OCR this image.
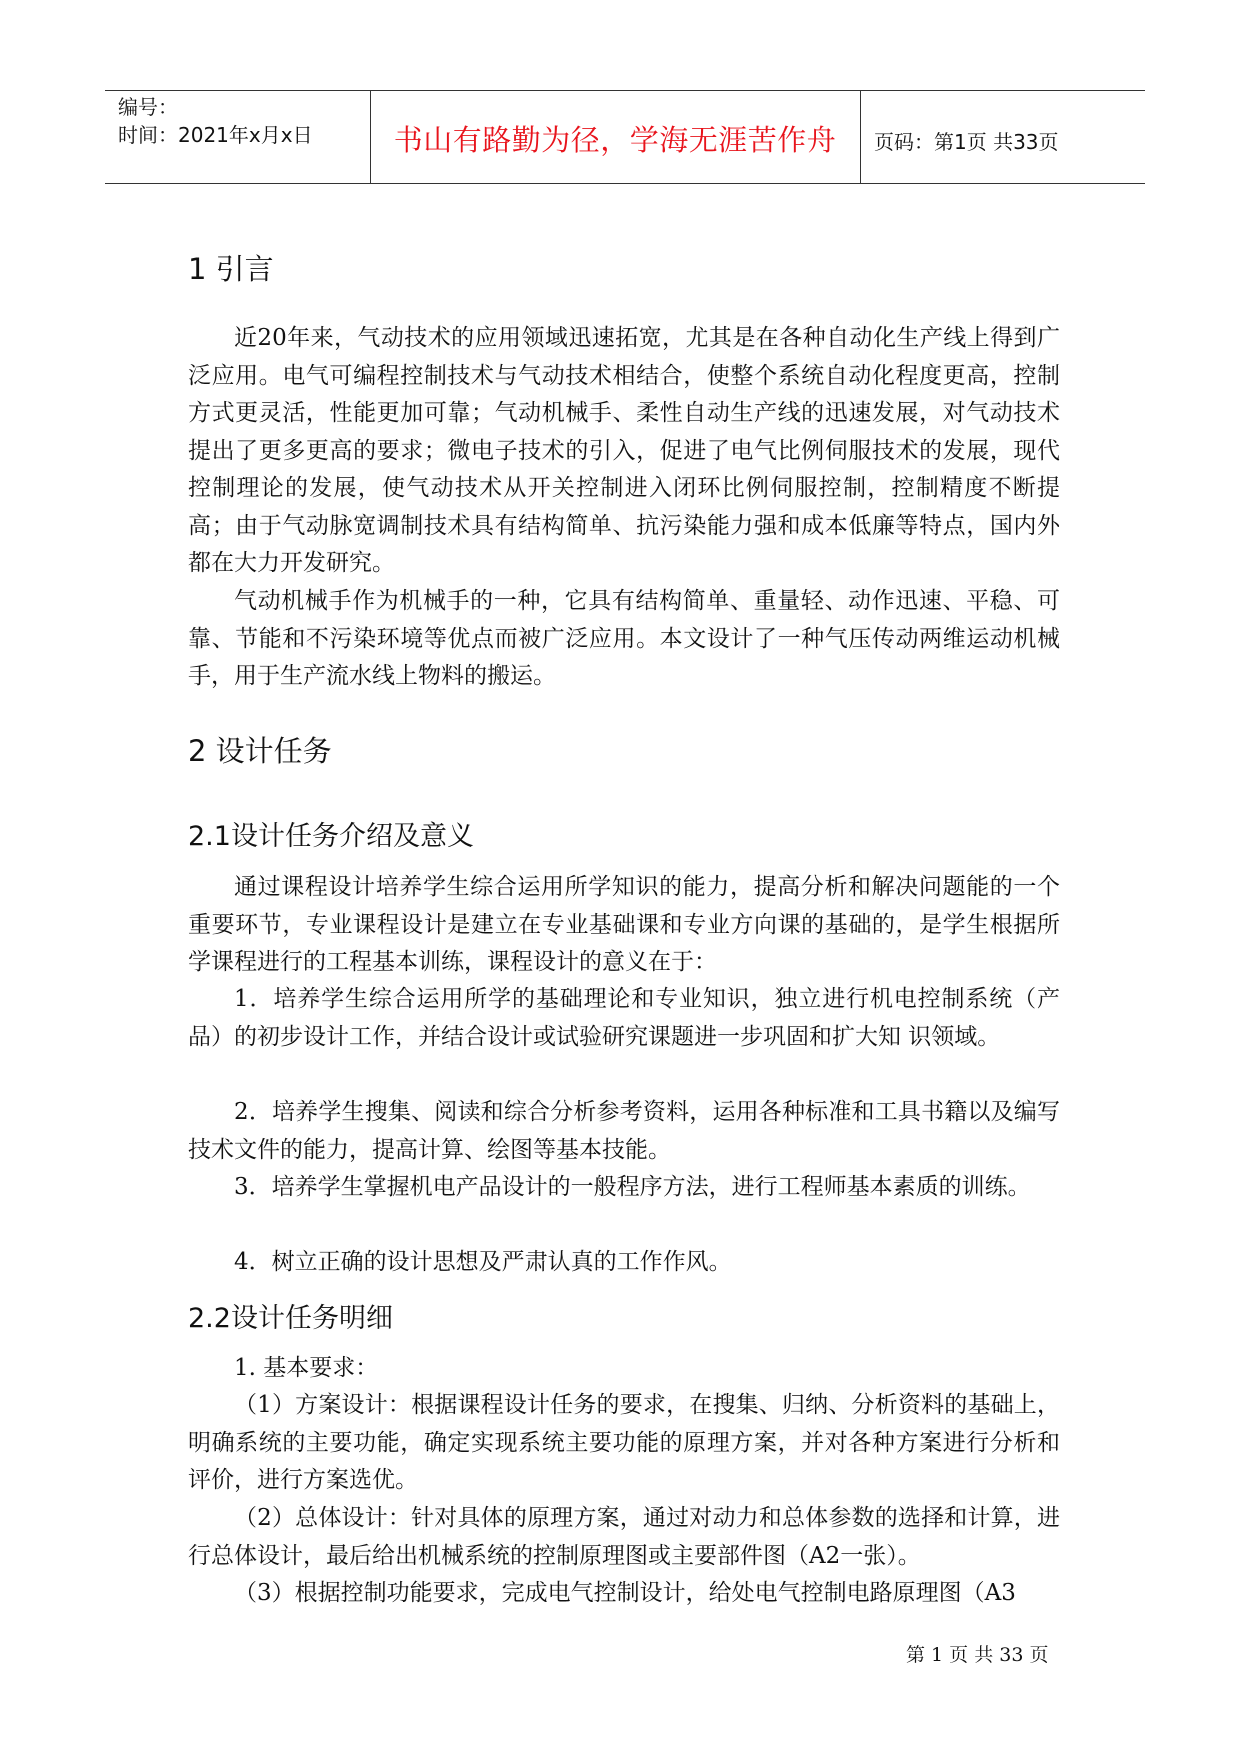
编号：
时间：2021年x月x日	书山有路勤为径，学海无涯苦作舟	页码：第1页 共33页
1 引言

近20年来，气动技术的应用领域迅速拓宽，尤其是在各种自动化生产线上得到广泛应用。电气可编程控制技术与气动技术相结合，使整个系统自动化程度更高，控制方式更灵活，性能更加可靠；气动机械手、柔性自动生产线的迅速发展，对气动技术提出了更多更高的要求；微电子技术的引入，促进了电气比例伺服技术的发展，现代控制理论的发展，使气动技术从开关控制进入闭环比例伺服控制，控制精度不断提高；由于气动脉宽调制技术具有结构简单、抗污染能力强和成本低廉等特点，国内外都在大力开发研究。

气动机械手作为机械手的一种，它具有结构简单、重量轻、动作迅速、平稳、可靠、节能和不污染环境等优点而被广泛应用。本文设计了一种气压传动两维运动机械手，用于生产流水线上物料的搬运。

2 设计任务
2.1设计任务介绍及意义

通过课程设计培养学生综合运用所学知识的能力，提高分析和解决问题能的一个重要环节，专业课程设计是建立在专业基础课和专业方向课的基础的，是学生根据所学课程进行的工程基本训练，课程设计的意义在于：

1．培养学生综合运用所学的基础理论和专业知识，独立进行机电控制系统（产品）的初步设计工作，并结合设计或试验研究课题进一步巩固和扩大知 识领域。

2．培养学生搜集、阅读和综合分析参考资料，运用各种标准和工具书籍以及编写技术文件的能力，提高计算、绘图等基本技能。

3．培养学生掌握机电产品设计的一般程序方法，进行工程师基本素质的训练。

4．树立正确的设计思想及严肃认真的工作作风。

2.2设计任务明细

1. 基本要求：

（1）方案设计：根据课程设计任务的要求，在搜集、归纳、分析资料的基础上，明确系统的主要功能，确定实现系统主要功能的原理方案，并对各种方案进行分析和评价，进行方案选优。

（2）总体设计：针对具体的原理方案，通过对动力和总体参数的选择和计算，进行总体设计，最后给出机械系统的控制原理图或主要部件图（A2一张）。

（3）根据控制功能要求，完成电气控制设计，给处电气控制电路原理图（A3

第 1 页 共 33 页
